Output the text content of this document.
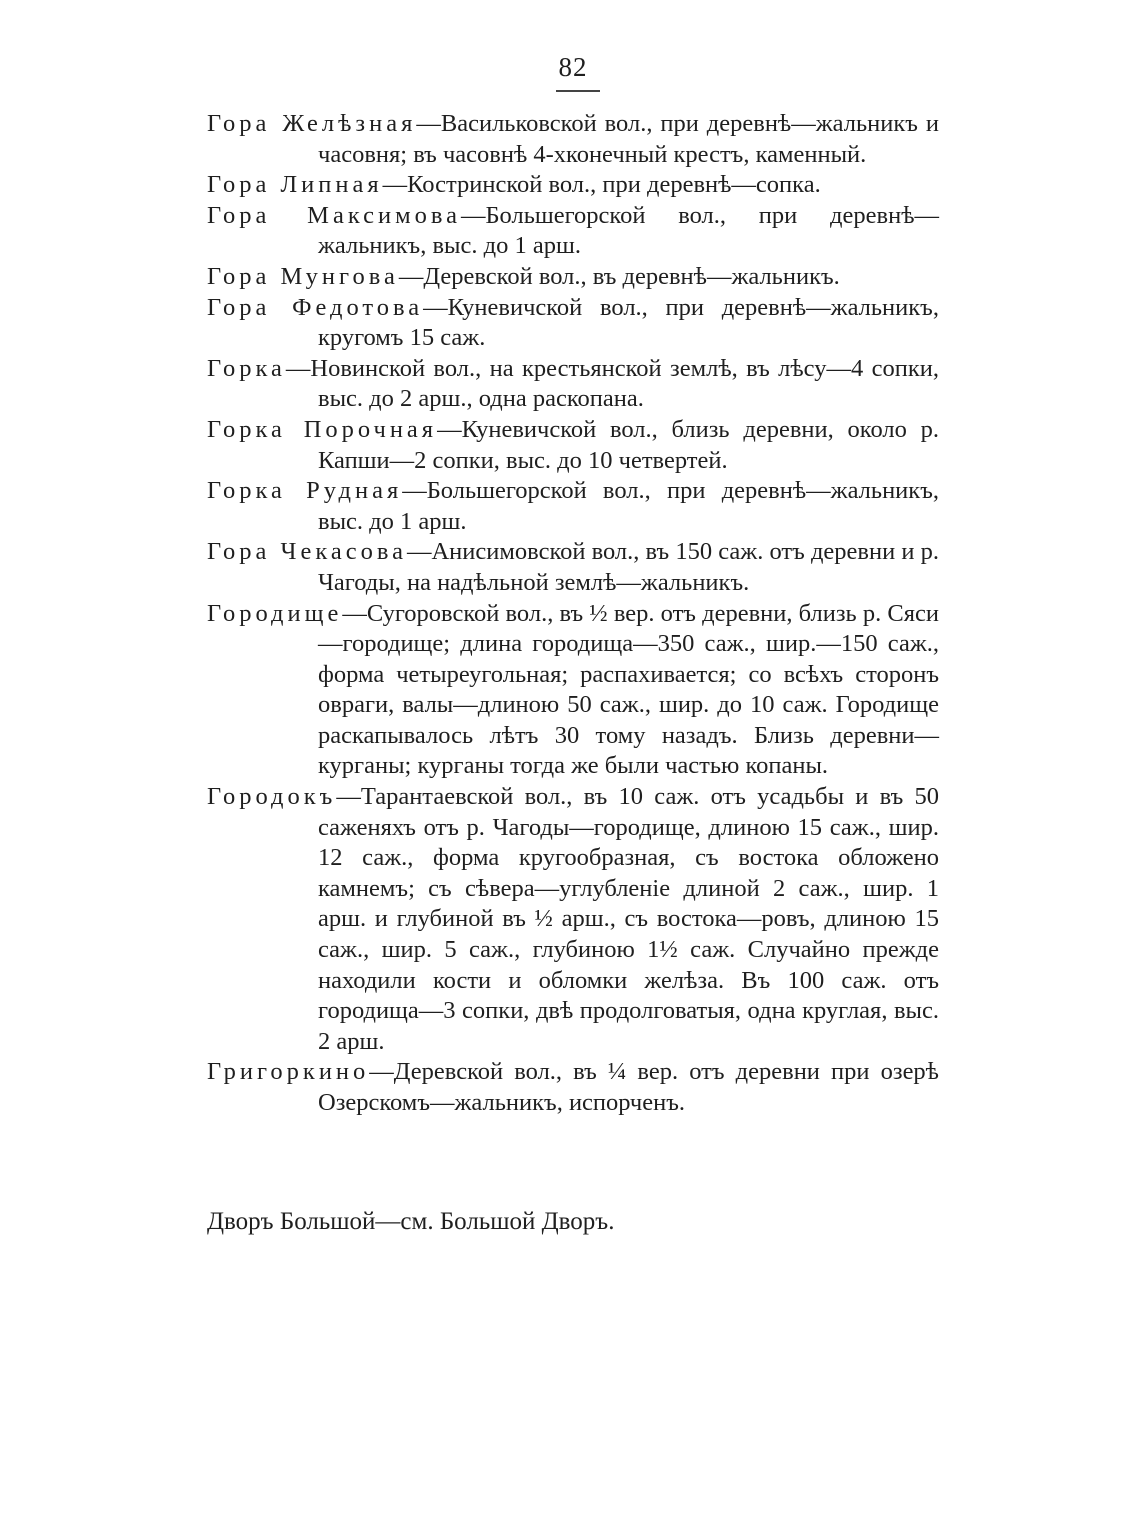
82

Гора Желѣзная—Васильковской вол., при деревнѣ—жальникъ и часовня; въ часовнѣ 4-хконечный крестъ, каменный.

Гора Липная—Костринской вол., при деревнѣ—сопка.

Гора Максимова—Большегорской вол., при деревнѣ—жальникъ, выс. до 1 арш.

Гора Мунгова—Деревской вол., въ деревнѣ—жальникъ.

Гора Федотова—Куневичской вол., при деревнѣ—жальникъ, кругомъ 15 саж.

Горка—Новинской вол., на крестьянской землѣ, въ лѣсу—4 сопки, выс. до 2 арш., одна раскопана.

Горка Порочная—Куневичской вол., близь деревни, около р. Капши—2 сопки, выс. до 10 четвертей.

Горка Рудная—Большегорской вол., при деревнѣ—жальникъ, выс. до 1 арш.

Гора Чекасова—Анисимовской вол., въ 150 саж. отъ деревни и р. Чагоды, на надѣльной землѣ—жальникъ.

Городище—Сугоровской вол., въ ½ вер. отъ деревни, близь р. Сяси—городище; длина городища—350 саж., шир.—150 саж., форма четыреугольная; распахивается; со всѣхъ сторонъ овраги, валы—длиною 50 саж., шир. до 10 саж. Городище раскапывалось лѣтъ 30 тому назадъ. Близь деревни—курганы; курганы тогда же были частью копаны.

Городокъ—Тарантаевской вол., въ 10 саж. отъ усадьбы и въ 50 саженяхъ отъ р. Чагоды—городище, длиною 15 саж., шир. 12 саж., форма кругообразная, съ востока обложено камнемъ; съ сѣвера—углубленіе длиной 2 саж., шир. 1 арш. и глубиной въ ½ арш., съ востока—ровъ, длиною 15 саж., шир. 5 саж., глубиною 1½ саж. Случайно прежде находили кости и обломки желѣза. Въ 100 саж. отъ городища—3 сопки, двѣ продолговатыя, одна круглая, выс. 2 арш.

Григоркино—Деревской вол., въ ¼ вер. отъ деревни при озерѣ Озерскомъ—жальникъ, испорченъ.

Дворъ Большой—см. Большой Дворъ.
